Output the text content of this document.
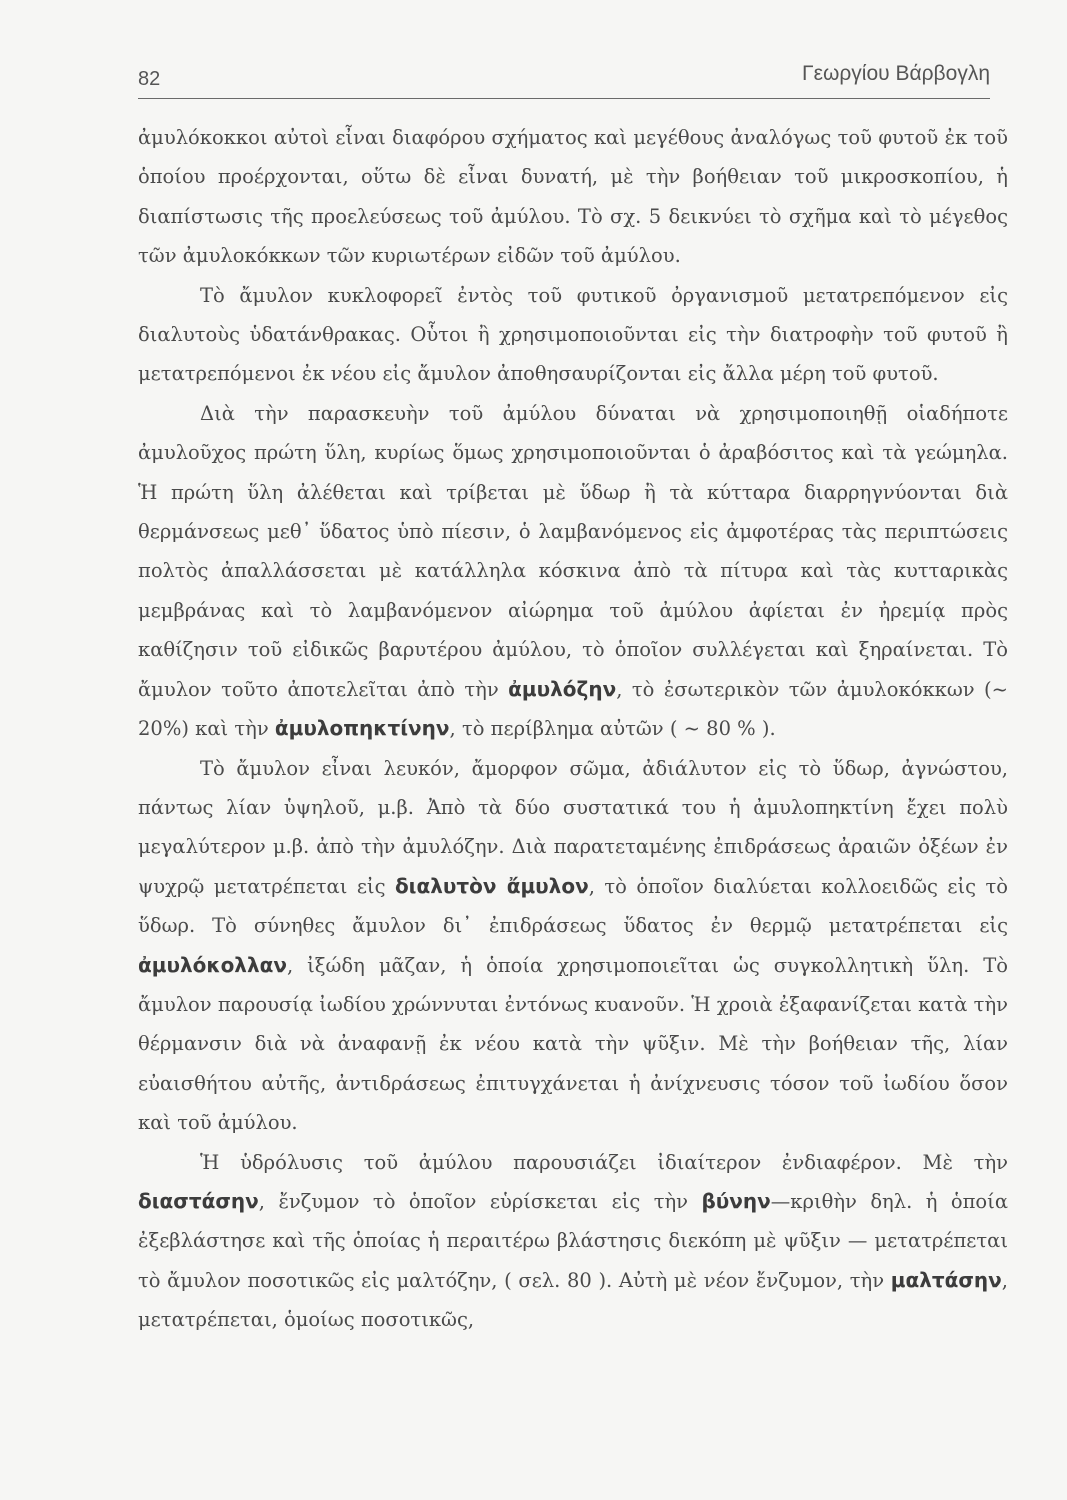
82	Γεωργίου Βάρβογλη

ἀμυλόκοκκοι αὐτοὶ εἶναι διαφόρου σχήματος καὶ μεγέθους ἀναλόγως τοῦ φυτοῦ ἐκ τοῦ ὁποίου προέρχονται, οὕτω δὲ εἶναι δυνατή, μὲ τὴν βοήθειαν τοῦ μικροσκοπίου, ἡ διαπίστωσις τῆς προελεύσεως τοῦ ἀμύλου. Τὸ σχ. 5 δεικνύει τὸ σχῆμα καὶ τὸ μέγεθος τῶν ἀμυλοκόκκων τῶν κυριωτέρων εἰδῶν τοῦ ἀμύλου.

Τὸ ἄμυλον κυκλοφορεῖ ἐντὸς τοῦ φυτικοῦ ὀργανισμοῦ μετατρεπόμενον εἰς διαλυτοὺς ὑδατάνθρακας. Οὗτοι ἢ χρησιμοποιοῦνται εἰς τὴν διατροφὴν τοῦ φυτοῦ ἢ μετατρεπόμενοι ἐκ νέου εἰς ἄμυλον ἀποθησαυρίζονται εἰς ἄλλα μέρη τοῦ φυτοῦ.

Διὰ τὴν παρασκευὴν τοῦ ἀμύλου δύναται νὰ χρησιμοποιηθῇ οἱαδήποτε ἀμυλοῦχος πρώτη ὕλη, κυρίως ὅμως χρησιμοποιοῦνται ὁ ἀραβόσιτος καὶ τὰ γεώμηλα. Ἡ πρώτη ὕλη ἀλέθεται καὶ τρίβεται μὲ ὕδωρ ἢ τὰ κύτταρα διαρρηγνύονται διὰ θερμάνσεως μεθ᾽ ὕδατος ὑπὸ πίεσιν, ὁ λαμβανόμενος εἰς ἀμφοτέρας τὰς περιπτώσεις πολτὸς ἀπαλλάσσεται μὲ κατάλληλα κόσκινα ἀπὸ τὰ πίτυρα καὶ τὰς κυτταρικὰς μεμβράνας καὶ τὸ λαμβανόμενον αἰώρημα τοῦ ἀμύλου ἀφίεται ἐν ἠρεμίᾳ πρὸς καθίζησιν τοῦ εἰδικῶς βαρυτέρου ἀμύλου, τὸ ὁποῖον συλλέγεται καὶ ξηραίνεται. Τὸ ἄμυλον τοῦτο ἀποτελεῖται ἀπὸ τὴν ἀμυλόζην, τὸ ἐσωτερικὸν τῶν ἀμυλοκόκκων (~ 20%) καὶ τὴν ἀμυλοπηκτίνην, τὸ περίβλημα αὐτῶν ( ~ 80 % ).

Τὸ ἄμυλον εἶναι λευκόν, ἄμορφον σῶμα, ἀδιάλυτον εἰς τὸ ὕδωρ, ἀγνώστου, πάντως λίαν ὑψηλοῦ, μ.β. Ἀπὸ τὰ δύο συστατικά του ἡ ἀμυλοπηκτίνη ἔχει πολὺ μεγαλύτερον μ.β. ἀπὸ τὴν ἀμυλόζην. Διὰ παρατεταμένης ἐπιδράσεως ἀραιῶν ὀξέων ἐν ψυχρῷ μετατρέπεται εἰς διαλυτὸν ἄμυλον, τὸ ὁποῖον διαλύεται κολλοειδῶς εἰς τὸ ὕδωρ. Τὸ σύνηθες ἄμυλον δι᾽ ἐπιδράσεως ὕδατος ἐν θερμῷ μετατρέπεται εἰς ἀμυλόκολλαν, ἰξώδη μᾶζαν, ἡ ὁποία χρησιμοποιεῖται ὡς συγκολλητικὴ ὕλη. Τὸ ἄμυλον παρουσίᾳ ἰωδίου χρώννυται ἐντόνως κυανοῦν. Ἡ χροιὰ ἐξαφανίζεται κατὰ τὴν θέρμανσιν διὰ νὰ ἀναφανῇ ἐκ νέου κατὰ τὴν ψῦξιν. Μὲ τὴν βοήθειαν τῆς, λίαν εὐαισθήτου αὐτῆς, ἀντιδράσεως ἐπιτυγχάνεται ἡ ἀνίχνευσις τόσον τοῦ ἰωδίου ὅσον καὶ τοῦ ἀμύλου.

Ἡ ὑδρόλυσις τοῦ ἀμύλου παρουσιάζει ἰδιαίτερον ἐνδιαφέρον. Μὲ τὴν διαστάσην, ἔνζυμον τὸ ὁποῖον εὑρίσκεται εἰς τὴν βύνην—κριθὴν δηλ. ἡ ὁποία ἐξεβλάστησε καὶ τῆς ὁποίας ἡ περαιτέρω βλάστησις διεκόπη μὲ ψῦξιν — μετατρέπεται τὸ ἄμυλον ποσοτικῶς εἰς μαλτόζην, ( σελ. 80 ). Αὐτὴ μὲ νέον ἔνζυμον, τὴν μαλτάσην, μετατρέπεται, ὁμοίως ποσοτικῶς,
